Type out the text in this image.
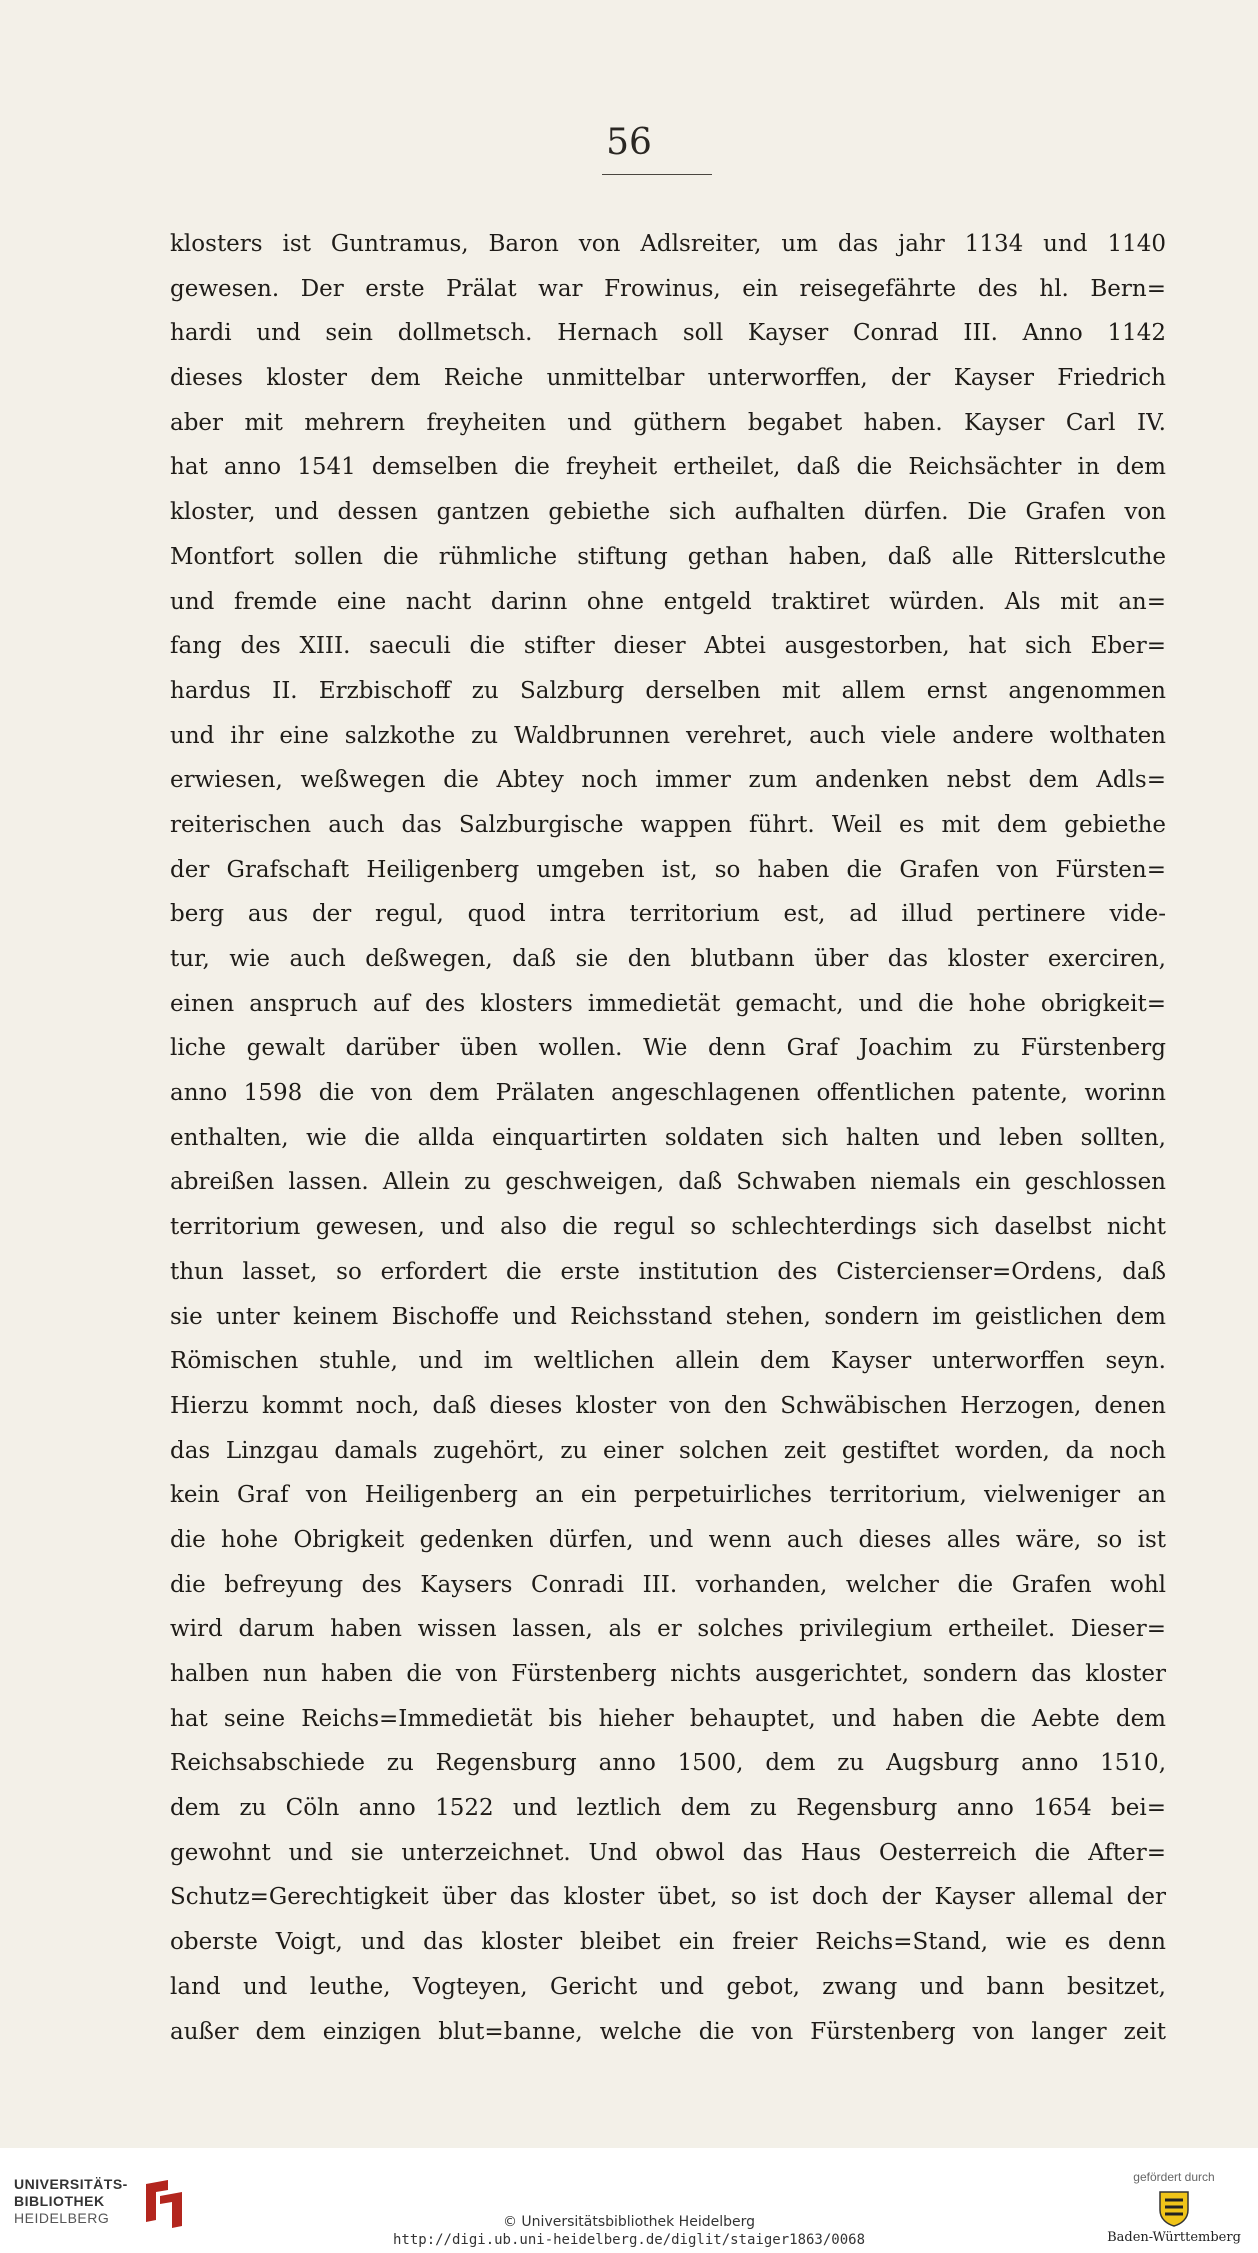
56
klosters ist Guntramus, Baron von Adlsreiter, um das jahr 1134 und 1140
gewesen. Der erste Prälat war Frowinus, ein reisegefährte des hl. Bern=
hardi und sein dollmetsch. Hernach soll Kayser Conrad III. Anno 1142
dieses kloster dem Reiche unmittelbar unterworffen, der Kayser Friedrich
aber mit mehrern freyheiten und güthern begabet haben. Kayser Carl IV.
hat anno 1541 demselben die freyheit ertheilet, daß die Reichsächter in dem
kloster, und dessen gantzen gebiethe sich aufhalten dürfen. Die Grafen von
Montfort sollen die rühmliche stiftung gethan haben, daß alle Ritterslcuthe
und fremde eine nacht darinn ohne entgeld traktiret würden. Als mit an=
fang des XIII. saeculi die stifter dieser Abtei ausgestorben, hat sich Eber=
hardus II. Erzbischoff zu Salzburg derselben mit allem ernst angenommen
und ihr eine salzkothe zu Waldbrunnen verehret, auch viele andere wolthaten
erwiesen, weßwegen die Abtey noch immer zum andenken nebst dem Adls=
reiterischen auch das Salzburgische wappen führt. Weil es mit dem gebiethe
der Grafschaft Heiligenberg umgeben ist, so haben die Grafen von Fürsten=
berg aus der regul, quod intra territorium est, ad illud pertinere vide-
tur, wie auch deßwegen, daß sie den blutbann über das kloster exerciren,
einen anspruch auf des klosters immedietät gemacht, und die hohe obrigkeit=
liche gewalt darüber üben wollen. Wie denn Graf Joachim zu Fürstenberg
anno 1598 die von dem Prälaten angeschlagenen offentlichen patente, worinn
enthalten, wie die allda einquartirten soldaten sich halten und leben sollten,
abreißen lassen. Allein zu geschweigen, daß Schwaben niemals ein geschlossen
territorium gewesen, und also die regul so schlechterdings sich daselbst nicht
thun lasset, so erfordert die erste institution des Cistercienser=Ordens, daß
sie unter keinem Bischoffe und Reichsstand stehen, sondern im geistlichen dem
Römischen stuhle, und im weltlichen allein dem Kayser unterworffen seyn.
Hierzu kommt noch, daß dieses kloster von den Schwäbischen Herzogen, denen
das Linzgau damals zugehört, zu einer solchen zeit gestiftet worden, da noch
kein Graf von Heiligenberg an ein perpetuirliches territorium, vielweniger an
die hohe Obrigkeit gedenken dürfen, und wenn auch dieses alles wäre, so ist
die befreyung des Kaysers Conradi III. vorhanden, welcher die Grafen wohl
wird darum haben wissen lassen, als er solches privilegium ertheilet. Dieser=
halben nun haben die von Fürstenberg nichts ausgerichtet, sondern das kloster
hat seine Reichs=Immedietät bis hieher behauptet, und haben die Aebte dem
Reichsabschiede zu Regensburg anno 1500, dem zu Augsburg anno 1510,
dem zu Cöln anno 1522 und leztlich dem zu Regensburg anno 1654 bei=
gewohnt und sie unterzeichnet. Und obwol das Haus Oesterreich die After=
Schutz=Gerechtigkeit über das kloster übet, so ist doch der Kayser allemal der
oberste Voigt, und das kloster bleibet ein freier Reichs=Stand, wie es denn
land und leuthe, Vogteyen, Gericht und gebot, zwang und bann besitzet,
außer dem einzigen blut=banne, welche die von Fürstenberg von langer zeit
UNIVERSITÄTS-
BIBLIOTHEK
HEIDELBERG	© Universitätsbibliothek Heidelberg
http://digi.ub.uni-heidelberg.de/diglit/staiger1863/0068
gefördert durch
Baden-Württemberg
